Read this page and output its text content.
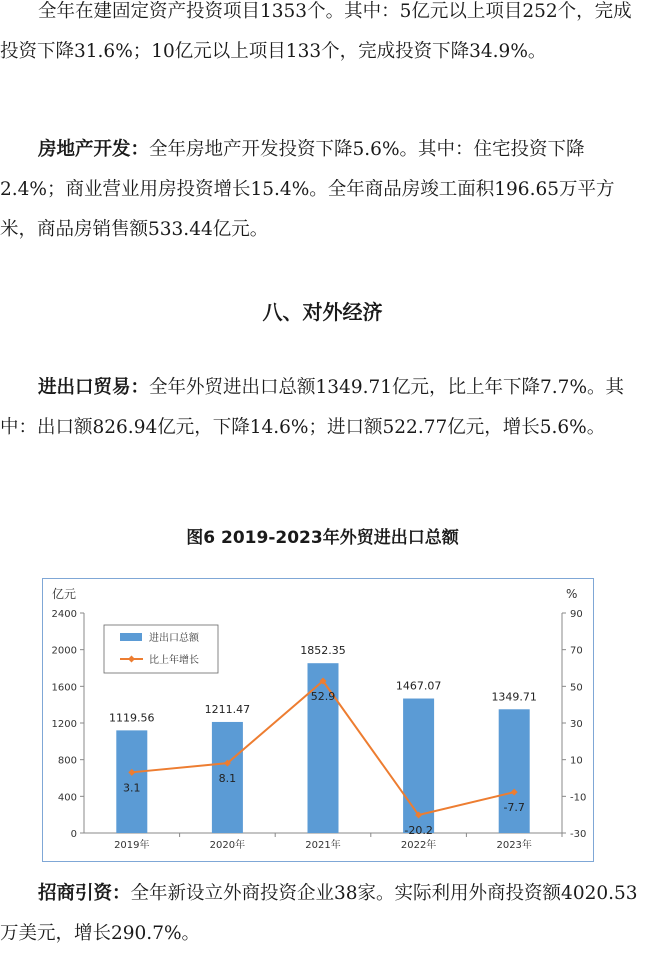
全年在建固定资产投资项目1353个。其中：5亿元以上项目252个，完成投资下降31.6%；10亿元以上项目133个，完成投资下降34.9%。

房地产开发：全年房地产开发投资下降5.6%。其中：住宅投资下降2.4%；商业营业用房投资增长15.4%。全年商品房竣工面积196.65万平方米，商品房销售额533.44亿元。

八、对外经济

进出口贸易：全年外贸进出口总额1349.71亿元，比上年下降7.7%。其中：出口额826.94亿元，下降14.6%；进口额522.77亿元，增长5.6%。

图6 2019-2023年外贸进出口总额
亿元	%
0
400
800
1200
1600
2000
2400
-30
-10
10
30
50
70
90
2019年
1119.56
2020年
1211.47
2021年
1852.35
2022年
1467.07
2023年
1349.71
3.1
8.1
52.9
-20.2
-7.7
进出口总额
比上年增长

招商引资：全年新设立外商投资企业38家。实际利用外商投资额4020.53万美元，增长290.7%。
